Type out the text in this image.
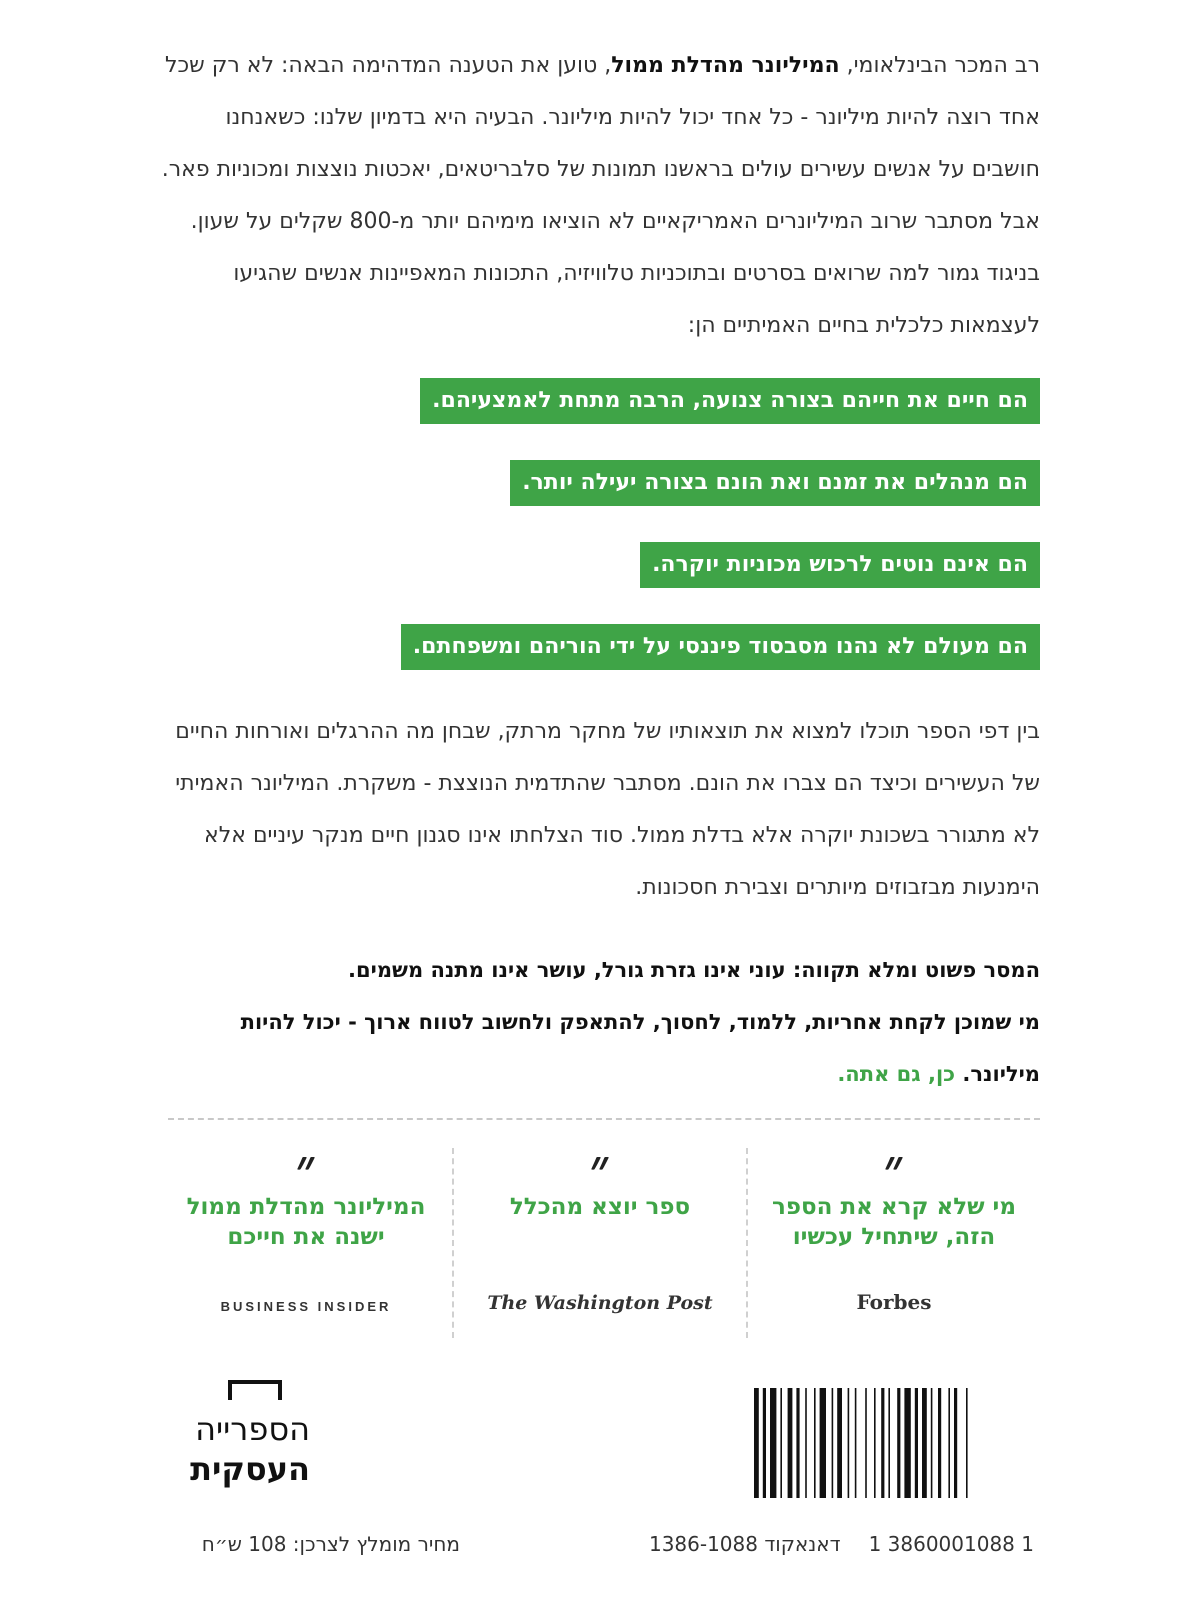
רב המכר הבינלאומי, המיליונר מהדלת ממול, טוען את הטענה המדהימה הבאה: לא רק שכל אחד רוצה להיות מיליונר - כל אחד יכול להיות מיליונר. הבעיה היא בדמיון שלנו: כשאנחנו חושבים על אנשים עשירים עולים בראשנו תמונות של סלבריטאים, יאכטות נוצצות ומכוניות פאר. אבל מסתבר שרוב המיליונרים האמריקאיים לא הוציאו מימיהם יותר מ-800 שקלים על שעון. בניגוד גמור למה שרואים בסרטים ובתוכניות טלוויזיה, התכונות המאפיינות אנשים שהגיעו לעצמאות כלכלית בחיים האמיתיים הן:
הם חיים את חייהם בצורה צנועה, הרבה מתחת לאמצעיהם.
הם מנהלים את זמנם ואת הונם בצורה יעילה יותר.
הם אינם נוטים לרכוש מכוניות יוקרה.
הם מעולם לא נהנו מסבסוד פיננסי על ידי הוריהם ומשפחתם.
בין דפי הספר תוכלו למצוא את תוצאותיו של מחקר מרתק, שבחן מה ההרגלים ואורחות החיים של העשירים וכיצד הם צברו את הונם. מסתבר שהתדמית הנוצצת - משקרת. המיליונר האמיתי לא מתגורר בשכונת יוקרה אלא בדלת ממול. סוד הצלחתו אינו סגנון חיים מנקר עיניים אלא הימנעות מבזבוזים מיותרים וצבירת חסכונות.
המסר פשוט ומלא תקווה: עוני אינו גזרת גורל, עושר אינו מתנה משמים.
מי שמוכן לקחת אחריות, ללמוד, לחסוך, להתאפק ולחשוב לטווח ארוך - יכול להיות מיליונר. כן, גם אתה.
״
מי שלא קרא את הספר הזה, שיתחיל עכשיו
Forbes
״
ספר יוצא מהכלל
The Washington Post
״
המיליונר מהדלת ממול ישנה את חייכם
BUSINESS INSIDER
הספרייה
העסקית
מחיר מומלץ לצרכן: 108 ש״ח	1 3860001088 1דאנאקוד 1386-1088
